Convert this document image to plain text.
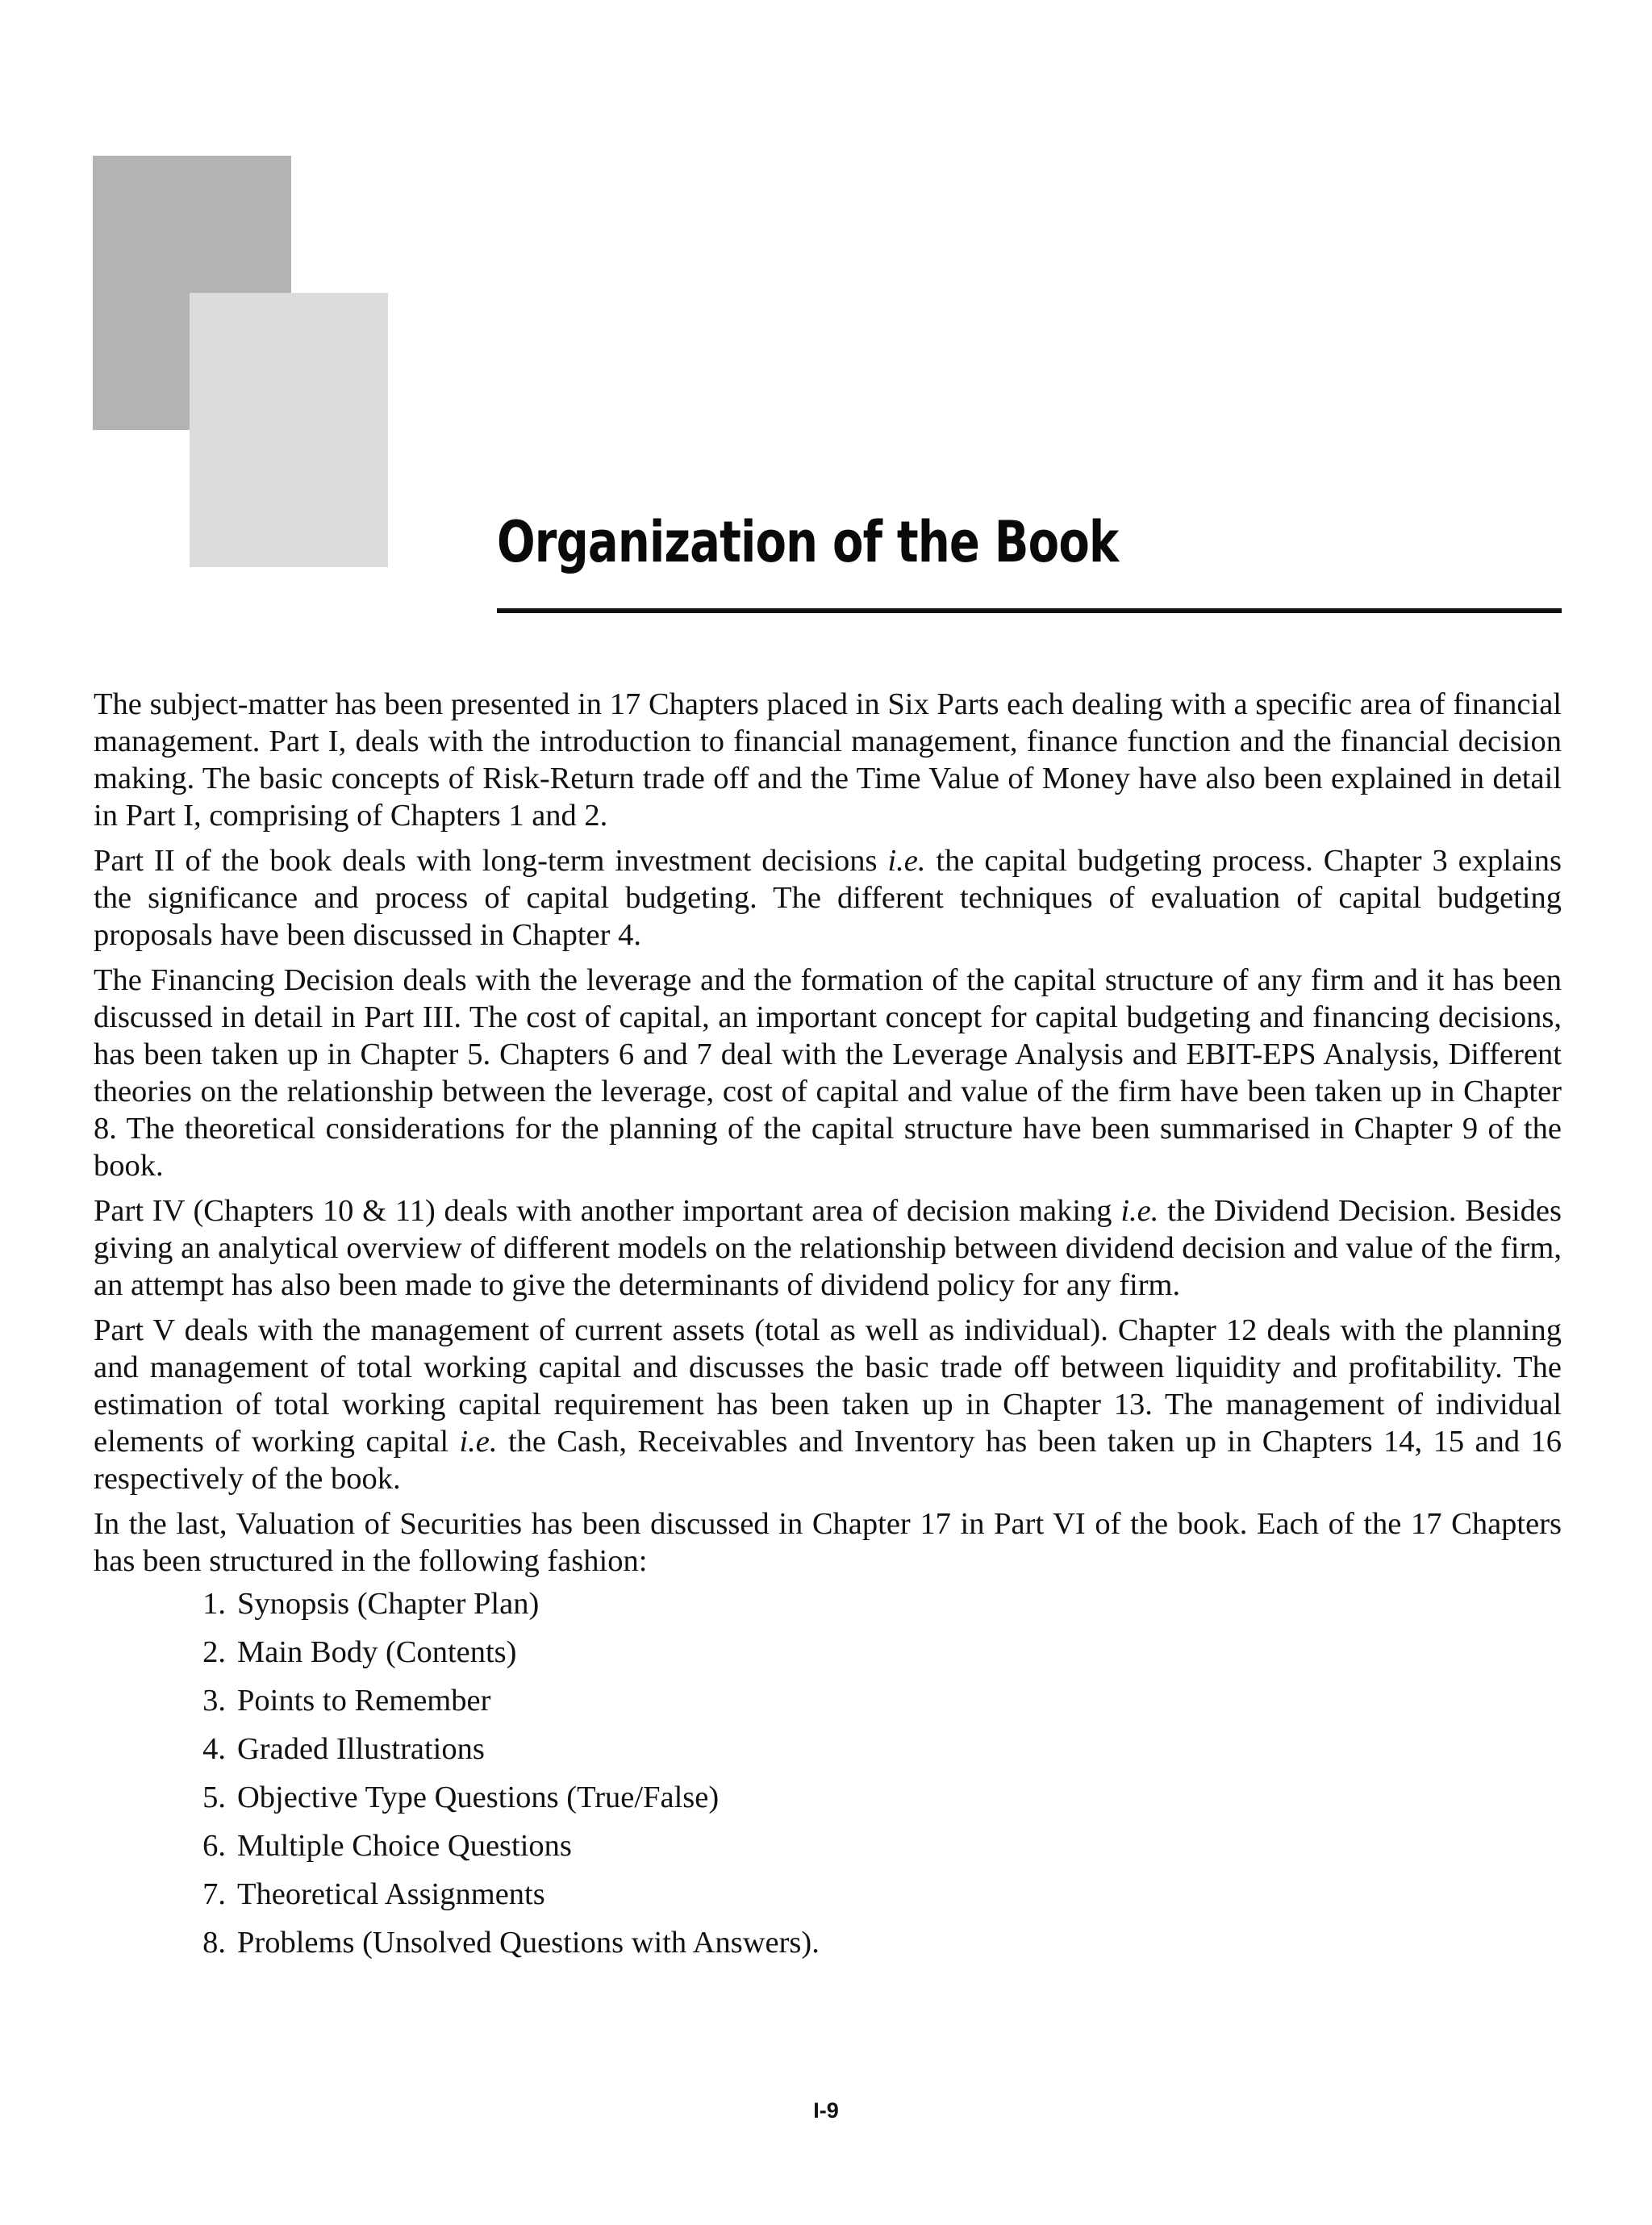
Organization of the Book

The subject-matter has been presented in 17 Chapters placed in Six Parts each dealing with a specific area of financial management. Part I, deals with the introduction to financial management, finance function and the financial decision making. The basic concepts of Risk-Return trade off and the Time Value of Money have also been explained in detail in Part I, comprising of Chapters 1 and 2.

Part II of the book deals with long-term investment decisions i.e. the capital budgeting process. Chapter 3 explains the significance and process of capital budgeting. The different techniques of evaluation of capital budgeting proposals have been discussed in Chapter 4.

The Financing Decision deals with the leverage and the formation of the capital structure of any firm and it has been discussed in detail in Part III. The cost of capital, an important concept for capital budgeting and financing decisions, has been taken up in Chapter 5. Chapters 6 and 7 deal with the Leverage Analysis and EBIT-EPS Analysis, Different theories on the relationship between the leverage, cost of capital and value of the firm have been taken up in Chapter 8. The theoretical considerations for the planning of the capital structure have been summarised in Chapter 9 of the book.

Part IV (Chapters 10 & 11) deals with another important area of decision making i.e. the Dividend Decision. Besides giving an analytical overview of different models on the relationship between dividend decision and value of the firm, an attempt has also been made to give the determinants of dividend policy for any firm.

Part V deals with the management of current assets (total as well as individual). Chapter 12 deals with the planning and management of total working capital and discusses the basic trade off between liquidity and profitability. The estimation of total working capital requirement has been taken up in Chapter 13. The management of individual elements of working capital i.e. the Cash, Receivables and Inventory has been taken up in Chapters 14, 15 and 16 respectively of the book.

In the last, Valuation of Securities has been discussed in Chapter 17 in Part VI of the book. Each of the 17 Chapters has been structured in the following fashion:

1. Synopsis (Chapter Plan)
2. Main Body (Contents)
3. Points to Remember
4. Graded Illustrations
5. Objective Type Questions (True/False)
6. Multiple Choice Questions
7. Theoretical Assignments
8. Problems (Unsolved Questions with Answers).
I-9
